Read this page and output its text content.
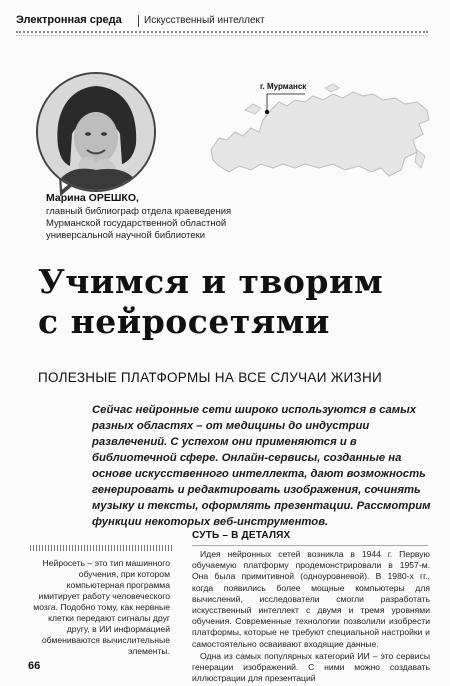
Электронная среда Искусственный интеллект
г. Мурманск
Марина ОРЕШКО,
главный библиограф отдела краеведения Мурманской государственной областной универсальной научной библиотеки
Учимся и творим
с нейросетями
ПОЛЕЗНЫЕ ПЛАТФОРМЫ НА ВСЕ СЛУЧАИ ЖИЗНИ
Сейчас нейронные сети широко используются в самых разных областях – от медицины до индустрии развлечений. С успехом они применяются и в библиотечной сфере. Онлайн-сервисы, созданные на основе искусственного интеллекта, дают возможность генерировать и редактировать изображения, сочинять музыку и тексты, оформлять презентации. Рассмотрим функции некоторых веб-инструментов.
СУТЬ – В ДЕТАЛЯХ
Нейросеть – это тип машинного обучения, при котором компьютерная программа имитирует работу человеческого мозга. Подобно тому, как нервные клетки передают сигналы друг другу, в ИИ информацией обмениваются вычислительные элементы.

Идея нейронных сетей возникла в 1944 г. Первую обучаемую платформу продемонстрировали в 1957-м. Она была примитивной (одноуровневой). В 1980-х гг., когда появились более мощные компьютеры для вычислений, исследователи смогли разработать искусственный интеллект с двумя и тремя уровнями обучения. Современные технологии позволили изобрести платформы, которые не требуют специальной настройки и самостоятельно осваивают входящие данные.

Одна из самых популярных категорий ИИ – это сервисы генерации изображений. С ними можно создавать иллюстрации для презентаций

66
